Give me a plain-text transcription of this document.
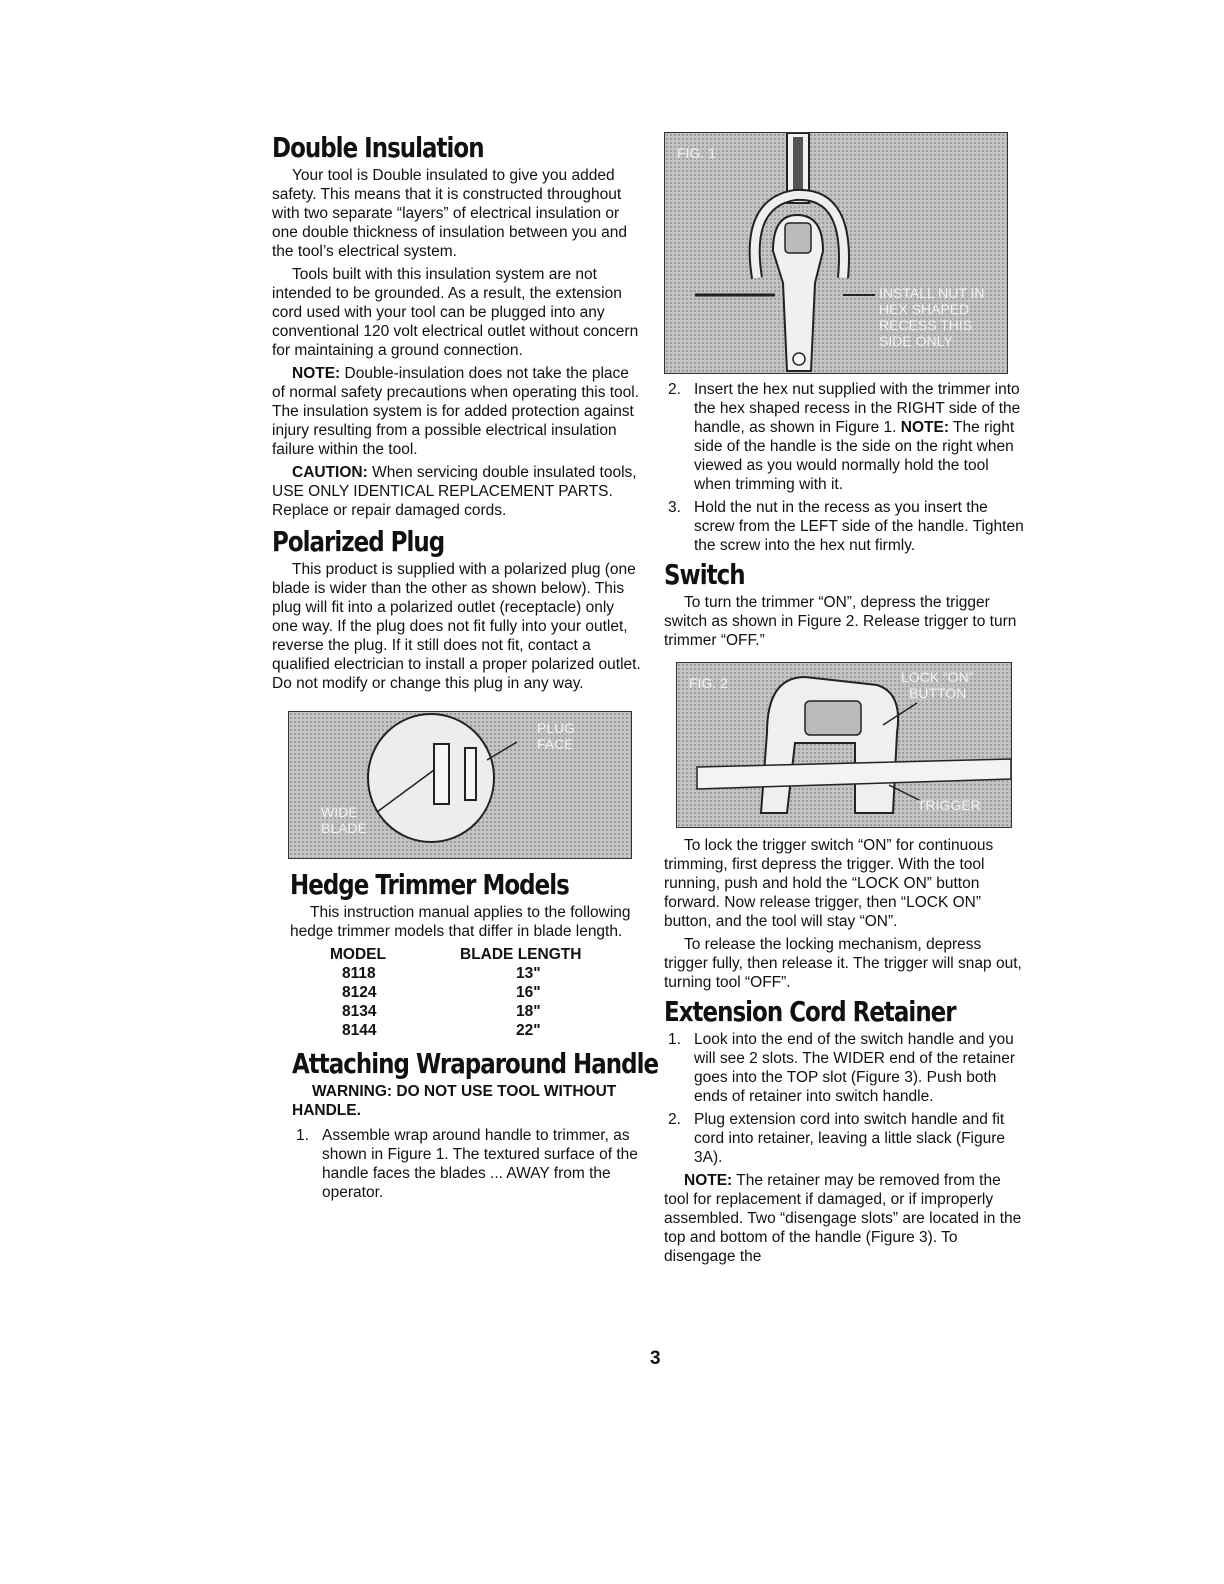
Double Insulation

Your tool is Double insulated to give you added safety. This means that it is constructed throughout with two separate “layers” of electrical insulation or one double thickness of insulation between you and the tool’s electrical system.

Tools built with this insulation system are not intended to be grounded. As a result, the extension cord used with your tool can be plugged into any conventional 120 volt electrical outlet without concern for maintaining a ground connection.

NOTE: Double-insulation does not take the place of normal safety precautions when operating this tool. The insulation system is for added protection against injury resulting from a possible electrical insulation failure within the tool.

CAUTION: When servicing double insulated tools, USE ONLY IDENTICAL REPLACEMENT PARTS. Replace or repair damaged cords.

Polarized Plug

This product is supplied with a polarized plug (one blade is wider than the other as shown below). This plug will fit into a polarized outlet (receptacle) only one way. If the plug does not fit fully into your outlet, reverse the plug. If it still does not fit, contact a qualified electrician to install a proper polarized outlet. Do not modify or change this plug in any way.

PLUG
FACE
WIDE
BLADE
Hedge Trimmer Models

This instruction manual applies to the following hedge trimmer models that differ in blade length.

MODEL	BLADE LENGTH
8118	13"
8124	16"
8134	18"
8144	22"
Attaching Wraparound Handle

WARNING: DO NOT USE TOOL WITHOUT HANDLE.

1. Assemble wrap around handle to trimmer, as shown in Figure 1. The textured surface of the handle faces the blades ... AWAY from the operator.
FIG. 1
INSTALL NUT IN
HEX SHAPED
RECESS THIS
SIDE ONLY
2. Insert the hex nut supplied with the trimmer into the hex shaped recess in the RIGHT side of the handle, as shown in Figure 1. NOTE: The right side of the handle is the side on the right when viewed as you would normally hold the tool when trimming with it.
3. Hold the nut in the recess as you insert the screw from the LEFT side of the handle. Tighten the screw into the hex nut firmly.
Switch

To turn the trimmer “ON”, depress the trigger switch as shown in Figure 2. Release trigger to turn trimmer “OFF.”

FIG. 2	LOCK “ON”
BUTTON
TRIGGER

To lock the trigger switch “ON” for continuous trimming, first depress the trigger. With the tool running, push and hold the “LOCK ON” button forward. Now release trigger, then “LOCK ON” button, and the tool will stay “ON”.

To release the locking mechanism, depress trigger fully, then release it. The trigger will snap out, turning tool “OFF”.

Extension Cord Retainer
1. Look into the end of the switch handle and you will see 2 slots. The WIDER end of the retainer goes into the TOP slot (Figure 3). Push both ends of retainer into switch handle.
2. Plug extension cord into switch handle and fit cord into retainer, leaving a little slack (Figure 3A).

NOTE: The retainer may be removed from the tool for replacement if damaged, or if improperly assembled. Two “disengage slots” are located in the top and bottom of the handle (Figure 3). To disengage the

3
